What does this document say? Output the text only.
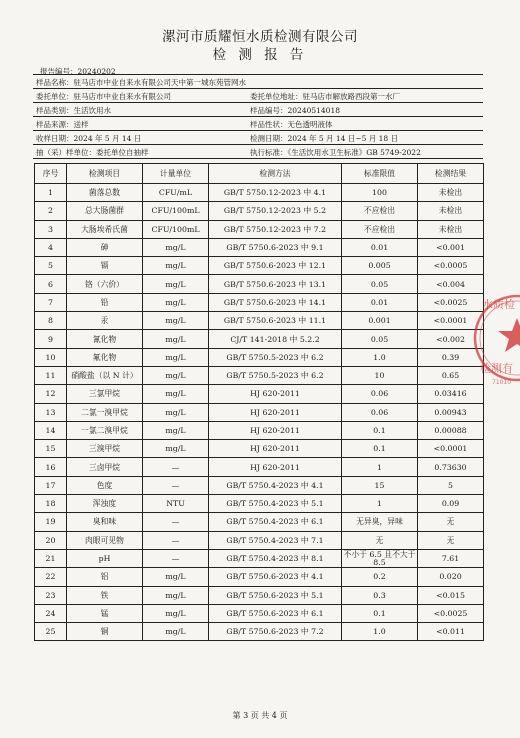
漯河市质耀恒水质检测有限公司
检 测 报 告
报告编号：20240202
样品名称：驻马店市中业自来水有限公司天中第一城东苑管网水
委托单位：驻马店市中业自来水有限公司	委托单位地址：驻马店市解放路西段第一水厂
样品类别：生活饮用水	样品编号：20240514018
样品来源：送样	样品性状：无色透明液体
收样日期：2024 年 5 月 14 日	检测日期：2024 年 5 月 14 日~5 月 18 日
抽（采）样单位：委托单位自抽样	执行标准：《生活饮用水卫生标准》GB 5749-2022
序号	检测项目	计量单位	检测方法	标准限值	检测结果
1	菌落总数	CFU/mL	GB/T 5750.12-2023 中 4.1	100	未检出
2	总大肠菌群	CFU/100mL	GB/T 5750.12-2023 中 5.2	不应检出	未检出
3	大肠埃希氏菌	CFU/100mL	GB/T 5750.12-2023 中 7.2	不应检出	未检出
4	砷	mg/L	GB/T 5750.6-2023 中 9.1	0.01	<0.001
5	镉	mg/L	GB/T 5750.6-2023 中 12.1	0.005	<0.0005
6	铬（六价）	mg/L	GB/T 5750.6-2023 中 13.1	0.05	<0.004
7	铅	mg/L	GB/T 5750.6-2023 中 14.1	0.01	<0.0025
8	汞	mg/L	GB/T 5750.6-2023 中 11.1	0.001	<0.0001
9	氰化物	mg/L	CJ/T 141-2018 中 5.2.2	0.05	<0.002
10	氟化物	mg/L	GB/T 5750.5-2023 中 6.2	1.0	0.39
11	硝酸盐（以 N 计）	mg/L	GB/T 5750.5-2023 中 6.2	10	0.65
12	三氯甲烷	mg/L	HJ 620-2011	0.06	0.03416
13	二氯一溴甲烷	mg/L	HJ 620-2011	0.06	0.00943
14	一氯二溴甲烷	mg/L	HJ 620-2011	0.1	0.00088
15	三溴甲烷	mg/L	HJ 620-2011	0.1	<0.0001
16	三卤甲烷	—	HJ 620-2011	1	0.73630
17	色度	—	GB/T 5750.4-2023 中 4.1	15	5
18	浑浊度	NTU	GB/T 5750.4-2023 中 5.1	1	0.09
19	臭和味	—	GB/T 5750.4-2023 中 6.1	无异臭，异味	无
20	肉眼可见物	—	GB/T 5750.4-2023 中 7.1	无	无
21	pH	—	GB/T 5750.4-2023 中 8.1	不小于 6.5 且不大于 8.5	7.61
22	铝	mg/L	GB/T 5750.6-2023 中 4.1	0.2	0.020
23	铁	mg/L	GB/T 5750.6-2023 中 5.1	0.3	<0.015
24	锰	mg/L	GB/T 5750.6-2023 中 6.1	0.1	<0.0025
25	铜	mg/L	GB/T 5750.6-2023 中 7.2	1.0	<0.011
水质检
检测有
71010
第 3 页 共 4 页
